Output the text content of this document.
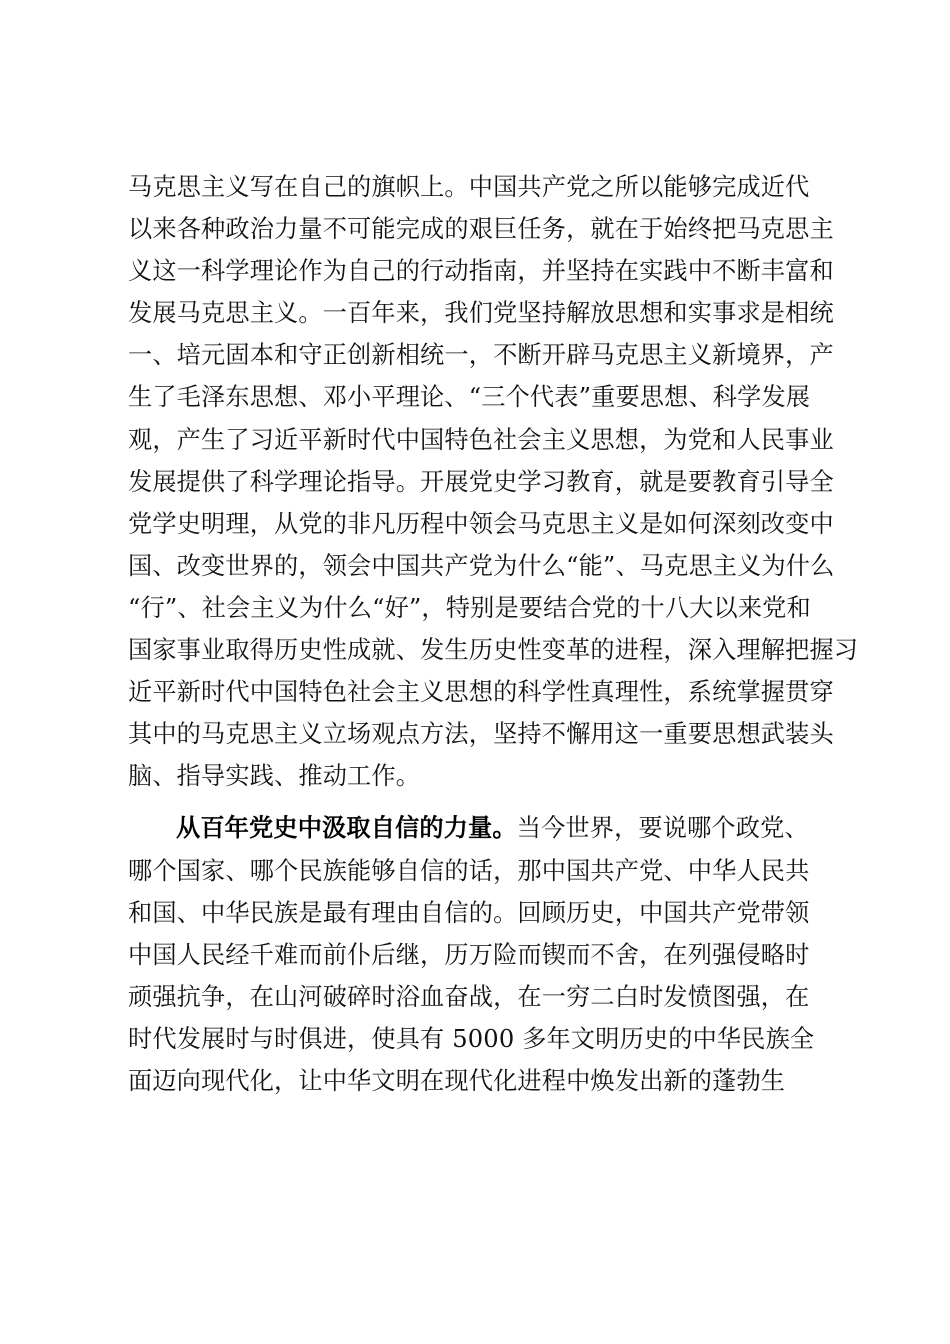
马克思主义写在自己的旗帜上。中国共产党之所以能够完成近代
以来各种政治力量不可能完成的艰巨任务，就在于始终把马克思主
义这一科学理论作为自己的行动指南，并坚持在实践中不断丰富和
发展马克思主义。一百年来，我们党坚持解放思想和实事求是相统
一、培元固本和守正创新相统一，不断开辟马克思主义新境界，产
生了毛泽东思想、邓小平理论、“三个代表”重要思想、科学发展
观，产生了习近平新时代中国特色社会主义思想，为党和人民事业
发展提供了科学理论指导。开展党史学习教育，就是要教育引导全
党学史明理，从党的非凡历程中领会马克思主义是如何深刻改变中
国、改变世界的，领会中国共产党为什么“能”、马克思主义为什么
“行”、社会主义为什么“好”，特别是要结合党的十八大以来党和
国家事业取得历史性成就、发生历史性变革的进程，深入理解把握习
近平新时代中国特色社会主义思想的科学性真理性，系统掌握贯穿
其中的马克思主义立场观点方法，坚持不懈用这一重要思想武装头
脑、指导实践、推动工作。
从百年党史中汲取自信的力量。当今世界，要说哪个政党、
哪个国家、哪个民族能够自信的话，那中国共产党、中华人民共
和国、中华民族是最有理由自信的。回顾历史，中国共产党带领
中国人民经千难而前仆后继，历万险而锲而不舍，在列强侵略时
顽强抗争，在山河破碎时浴血奋战，在一穷二白时发愤图强，在
时代发展时与时俱进，使具有 5000 多年文明历史的中华民族全
面迈向现代化，让中华文明在现代化进程中焕发出新的蓬勃生
